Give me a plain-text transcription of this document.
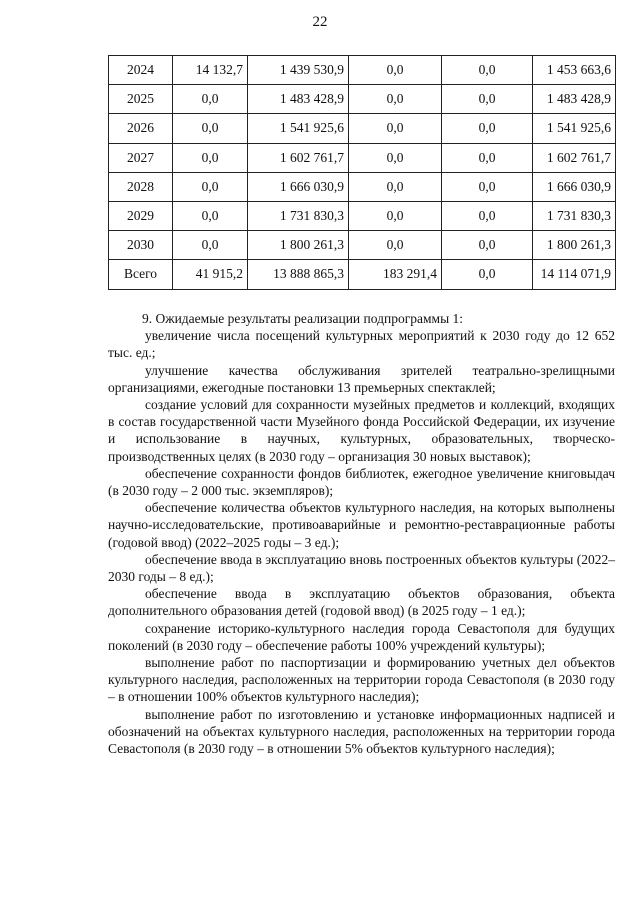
22
2024	14 132,7	1 439 530,9	0,0	0,0	1 453 663,6
2025	0,0	1 483 428,9	0,0	0,0	1 483 428,9
2026	0,0	1 541 925,6	0,0	0,0	1 541 925,6
2027	0,0	1 602 761,7	0,0	0,0	1 602 761,7
2028	0,0	1 666 030,9	0,0	0,0	1 666 030,9
2029	0,0	1 731 830,3	0,0	0,0	1 731 830,3
2030	0,0	1 800 261,3	0,0	0,0	1 800 261,3
Всего	41 915,2	13 888 865,3	183 291,4	0,0	14 114 071,9

9. Ожидаемые результаты реализации подпрограммы 1:

увеличение числа посещений культурных мероприятий к 2030 году до 12 652 тыс. ед.;

улучшение качества обслуживания зрителей театрально-зрелищными организациями, ежегодные постановки 13 премьерных спектаклей;

создание условий для сохранности музейных предметов и коллекций, входящих в состав государственной части Музейного фонда Российской Федерации, их изучение и использование в научных, культурных, образовательных, творческо-производственных целях (в 2030 году – организация 30 новых выставок);

обеспечение сохранности фондов библиотек, ежегодное увеличение книговыдач (в 2030 году – 2 000 тыс. экземпляров);

обеспечение количества объектов культурного наследия, на которых выполнены научно-исследовательские, противоаварийные и ремонтно-реставрационные работы (годовой ввод) (2022–2025 годы – 3 ед.);

обеспечение ввода в эксплуатацию вновь построенных объектов культуры (2022–2030 годы – 8 ед.);

обеспечение ввода в эксплуатацию объектов образования, объекта дополнительного образования детей (годовой ввод) (в 2025 году – 1 ед.);

сохранение историко-культурного наследия города Севастополя для будущих поколений (в 2030 году – обеспечение работы 100% учреждений культуры);

выполнение работ по паспортизации и формированию учетных дел объектов культурного наследия, расположенных на территории города Севастополя (в 2030 году – в отношении 100% объектов культурного наследия);

выполнение работ по изготовлению и установке информационных надписей и обозначений на объектах культурного наследия, расположенных на территории города Севастополя (в 2030 году – в отношении 5% объектов культурного наследия);
